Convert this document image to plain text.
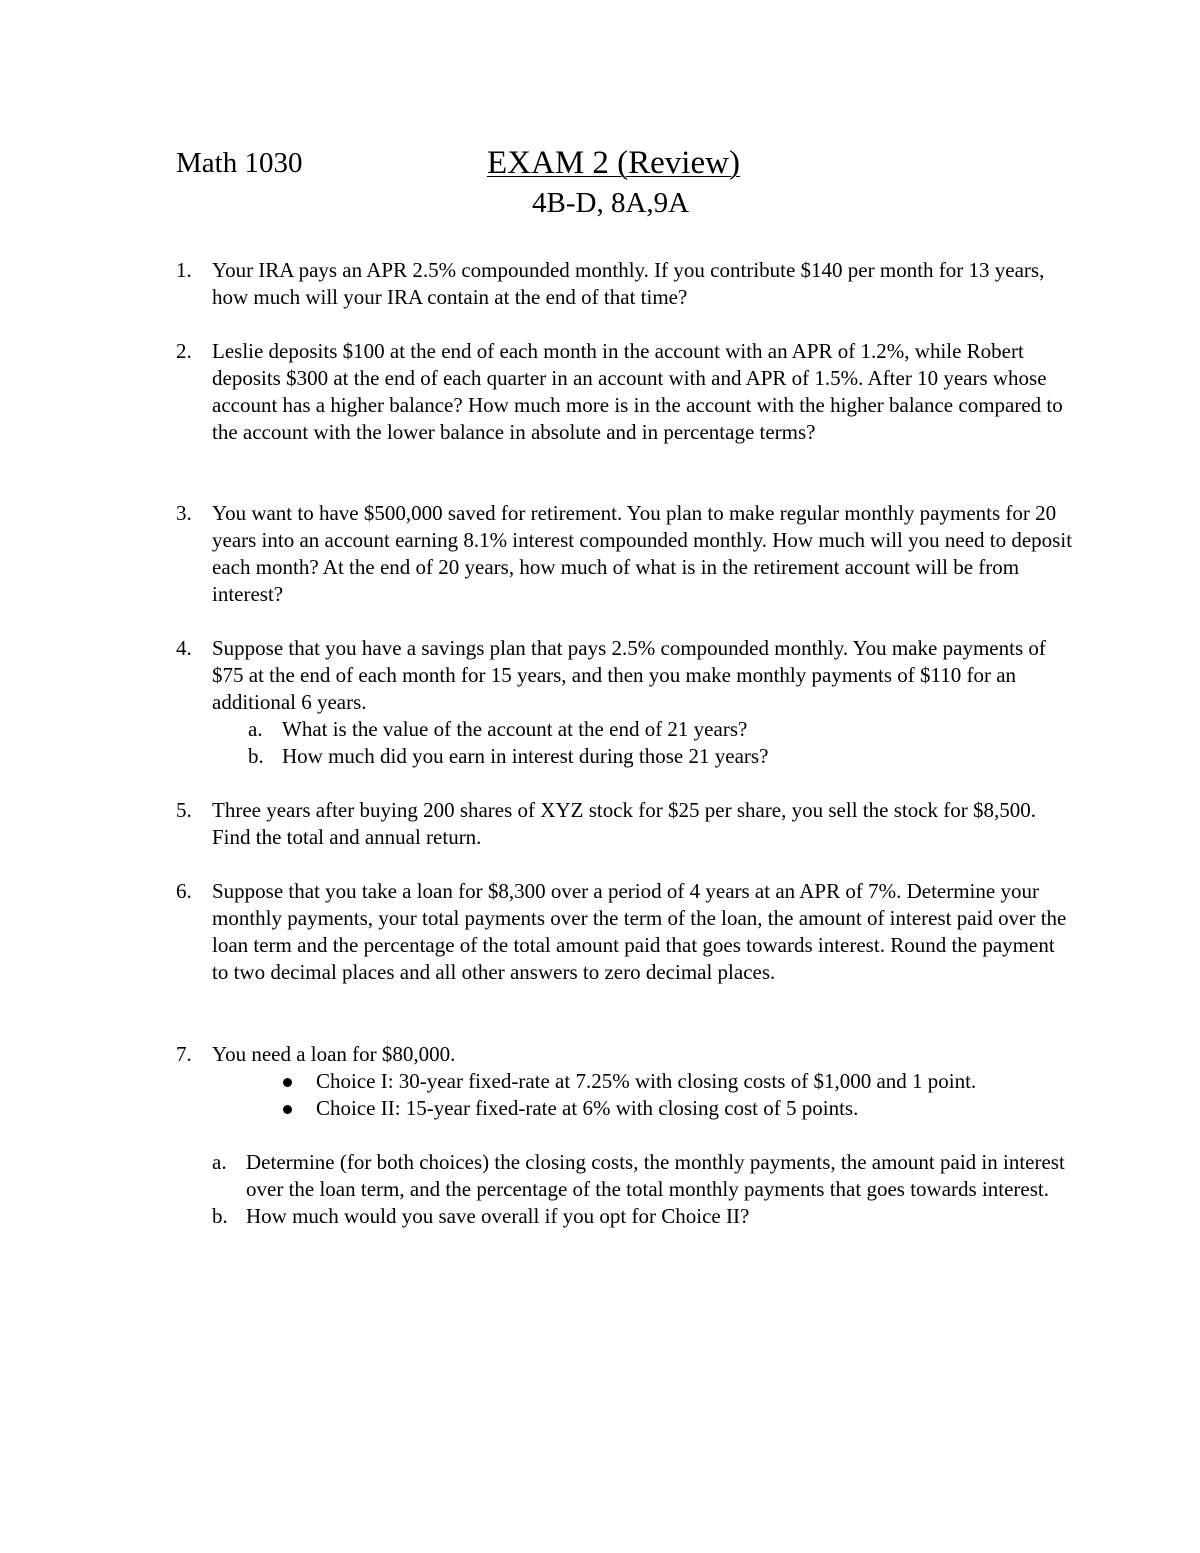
Math 1030	EXAM 2 (Review)
4B-D, 8A,9A
1. Your IRA pays an APR 2.5% compounded monthly. If you contribute $140 per month for 13 years, how much will your IRA contain at the end of that time?
2. Leslie deposits $100 at the end of each month in the account with an APR of 1.2%, while Robert deposits $300 at the end of each quarter in an account with and APR of 1.5%. After 10 years whose account has a higher balance? How much more is in the account with the higher balance compared to the account with the lower balance in absolute and in percentage terms?
3. You want to have $500,000 saved for retirement. You plan to make regular monthly payments for 20 years into an account earning 8.1% interest compounded monthly. How much will you need to deposit each month? At the end of 20 years, how much of what is in the retirement account will be from interest?
4. Suppose that you have a savings plan that pays 2.5% compounded monthly. You make payments of $75 at the end of each month for 15 years, and then you make monthly payments of $110 for an additional 6 years.
a. What is the value of the account at the end of 21 years?
b. How much did you earn in interest during those 21 years?
5. Three years after buying 200 shares of XYZ stock for $25 per share, you sell the stock for $8,500. Find the total and annual return.
6. Suppose that you take a loan for $8,300 over a period of 4 years at an APR of 7%. Determine your monthly payments, your total payments over the term of the loan, the amount of interest paid over the loan term and the percentage of the total amount paid that goes towards interest. Round the payment to two decimal places and all other answers to zero decimal places.
7. You need a loan for $80,000.
Choice I: 30-year fixed-rate at 7.25% with closing costs of $1,000 and 1 point.
Choice II: 15-year fixed-rate at 6% with closing cost of 5 points.
a. Determine (for both choices) the closing costs, the monthly payments, the amount paid in interest over the loan term, and the percentage of the total monthly payments that goes towards interest.
b. How much would you save overall if you opt for Choice II?
